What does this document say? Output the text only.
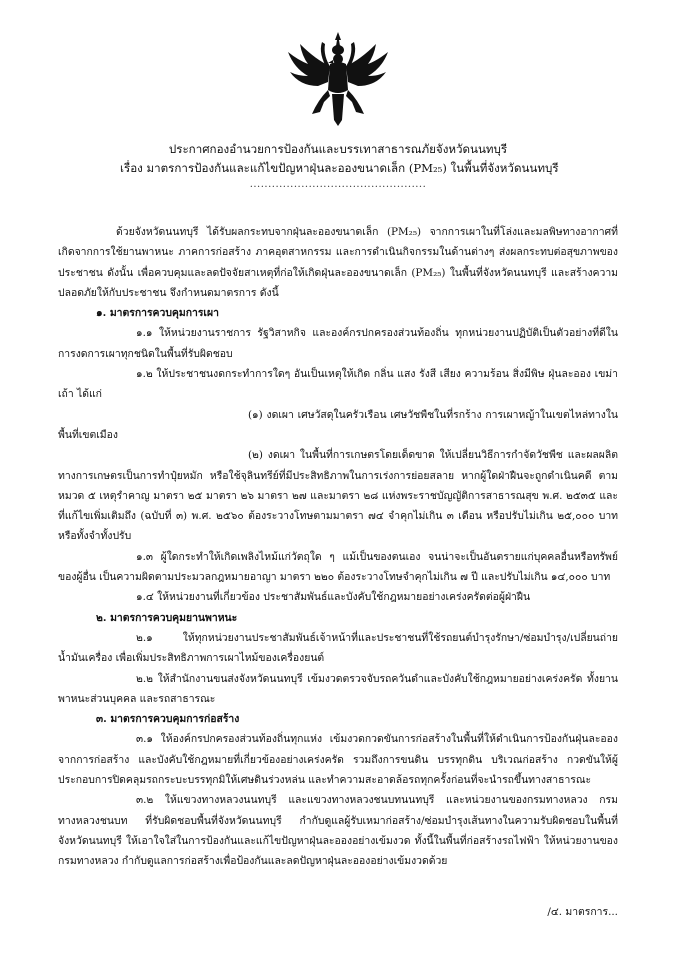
ประกาศกองอำนวยการป้องกันและบรรเทาสาธารณภัยจังหวัดนนทบุรี
เรื่อง มาตรการป้องกันและแก้ไขปัญหาฝุ่นละอองขนาดเล็ก (PM₂₅) ในพื้นที่จังหวัดนนทบุรี
................................................

ด้วยจังหวัดนนทบุรี ได้รับผลกระทบจากฝุ่นละอองขนาดเล็ก (PM₂₅) จากการเผาในที่โล่งและมลพิษทางอากาศที่เกิดจากการใช้ยานพาหนะ ภาคการก่อสร้าง ภาคอุตสาหกรรม และการดำเนินกิจกรรมในด้านต่างๆ ส่งผลกระทบต่อสุขภาพของประชาชน ดังนั้น เพื่อควบคุมและลดปัจจัยสาเหตุที่ก่อให้เกิดฝุ่นละอองขนาดเล็ก (PM₂₅) ในพื้นที่จังหวัดนนทบุรี และสร้างความปลอดภัยให้กับประชาชน จึงกำหนดมาตรการ ดังนี้

๑. มาตรการควบคุมการเผา

๑.๑ ให้หน่วยงานราชการ รัฐวิสาหกิจ และองค์กรปกครองส่วนท้องถิ่น ทุกหน่วยงานปฏิบัติเป็นตัวอย่างที่ดีในการงดการเผาทุกชนิดในพื้นที่รับผิดชอบ

๑.๒ ให้ประชาชนงดกระทำการใดๆ อันเป็นเหตุให้เกิด กลิ่น แสง รังสี เสียง ความร้อน สิ่งมีพิษ ฝุ่นละออง เขม่า เถ้า ได้แก่

(๑) งดเผา เศษวัสดุในครัวเรือน เศษวัชพืชในที่รกร้าง การเผาหญ้าในเขตไหล่ทางในพื้นที่เขตเมือง

(๒) งดเผา ในพื้นที่การเกษตรโดยเด็ดขาด ให้เปลี่ยนวิธีการกำจัดวัชพืช และผลผลิตทางการเกษตรเป็นการทำปุ๋ยหมัก หรือใช้จุลินทรีย์ที่มีประสิทธิภาพในการเร่งการย่อยสลาย หากผู้ใดฝ่าฝืนจะถูกดำเนินคดี ตามหมวด ๕ เหตุรำคาญ มาตรา ๒๕ มาตรา ๒๖ มาตรา ๒๗ และมาตรา ๒๘ แห่งพระราชบัญญัติการสาธารณสุข พ.ศ. ๒๕๓๕ และที่แก้ไขเพิ่มเติมถึง (ฉบับที่ ๓) พ.ศ. ๒๕๖๐ ต้องระวางโทษตามมาตรา ๗๔ จำคุกไม่เกิน ๓ เดือน หรือปรับไม่เกิน ๒๕,๐๐๐ บาท หรือทั้งจำทั้งปรับ

๑.๓ ผู้ใดกระทำให้เกิดเพลิงไหม้แก่วัตถุใด ๆ แม้เป็นของตนเอง จนน่าจะเป็นอันตรายแก่บุคคลอื่นหรือทรัพย์ของผู้อื่น เป็นความผิดตามประมวลกฎหมายอาญา มาตรา ๒๒๐ ต้องระวางโทษจำคุกไม่เกิน ๗ ปี และปรับไม่เกิน ๑๔,๐๐๐ บาท

๑.๔ ให้หน่วยงานที่เกี่ยวข้อง ประชาสัมพันธ์และบังคับใช้กฎหมายอย่างเคร่งครัดต่อผู้ฝ่าฝืน

๒. มาตรการควบคุมยานพาหนะ

๒.๑ ให้ทุกหน่วยงานประชาสัมพันธ์เจ้าหน้าที่และประชาชนที่ใช้รถยนต์บำรุงรักษา/ซ่อมบำรุง/เปลี่ยนถ่ายน้ำมันเครื่อง เพื่อเพิ่มประสิทธิภาพการเผาไหม้ของเครื่องยนต์

๒.๒ ให้สำนักงานขนส่งจังหวัดนนทบุรี เข้มงวดตรวจจับรถควันดำและบังคับใช้กฎหมายอย่างเคร่งครัด ทั้งยานพาหนะส่วนบุคคล และรถสาธารณะ

๓. มาตรการควบคุมการก่อสร้าง

๓.๑ ให้องค์กรปกครองส่วนท้องถิ่นทุกแห่ง เข้มงวดกวดขันการก่อสร้างในพื้นที่ให้ดำเนินการป้องกันฝุ่นละอองจากการก่อสร้าง และบังคับใช้กฎหมายที่เกี่ยวข้องอย่างเคร่งครัด รวมถึงการขนดิน บรรทุกดิน บริเวณก่อสร้าง กวดขันให้ผู้ประกอบการปิดคลุมรถกระบะบรรทุกมิให้เศษดินร่วงหล่น และทำความสะอาดล้อรถทุกครั้งก่อนที่จะนำรถขึ้นทางสาธารณะ

๓.๒ ให้แขวงทางหลวงนนทบุรี และแขวงทางหลวงชนบทนนทบุรี และหน่วยงานของกรมทางหลวง กรมทางหลวงชนบท ที่รับผิดชอบพื้นที่จังหวัดนนทบุรี กำกับดูแลผู้รับเหมาก่อสร้าง/ซ่อมบำรุงเส้นทางในความรับผิดชอบในพื้นที่จังหวัดนนทบุรี ให้เอาใจใส่ในการป้องกันและแก้ไขปัญหาฝุ่นละอองอย่างเข้มงวด ทั้งนี้ในพื้นที่ก่อสร้างรถไฟฟ้า ให้หน่วยงานของกรมทางหลวง กำกับดูแลการก่อสร้างเพื่อป้องกันและลดปัญหาฝุ่นละอองอย่างเข้มงวดด้วย

/๔. มาตรการ...
